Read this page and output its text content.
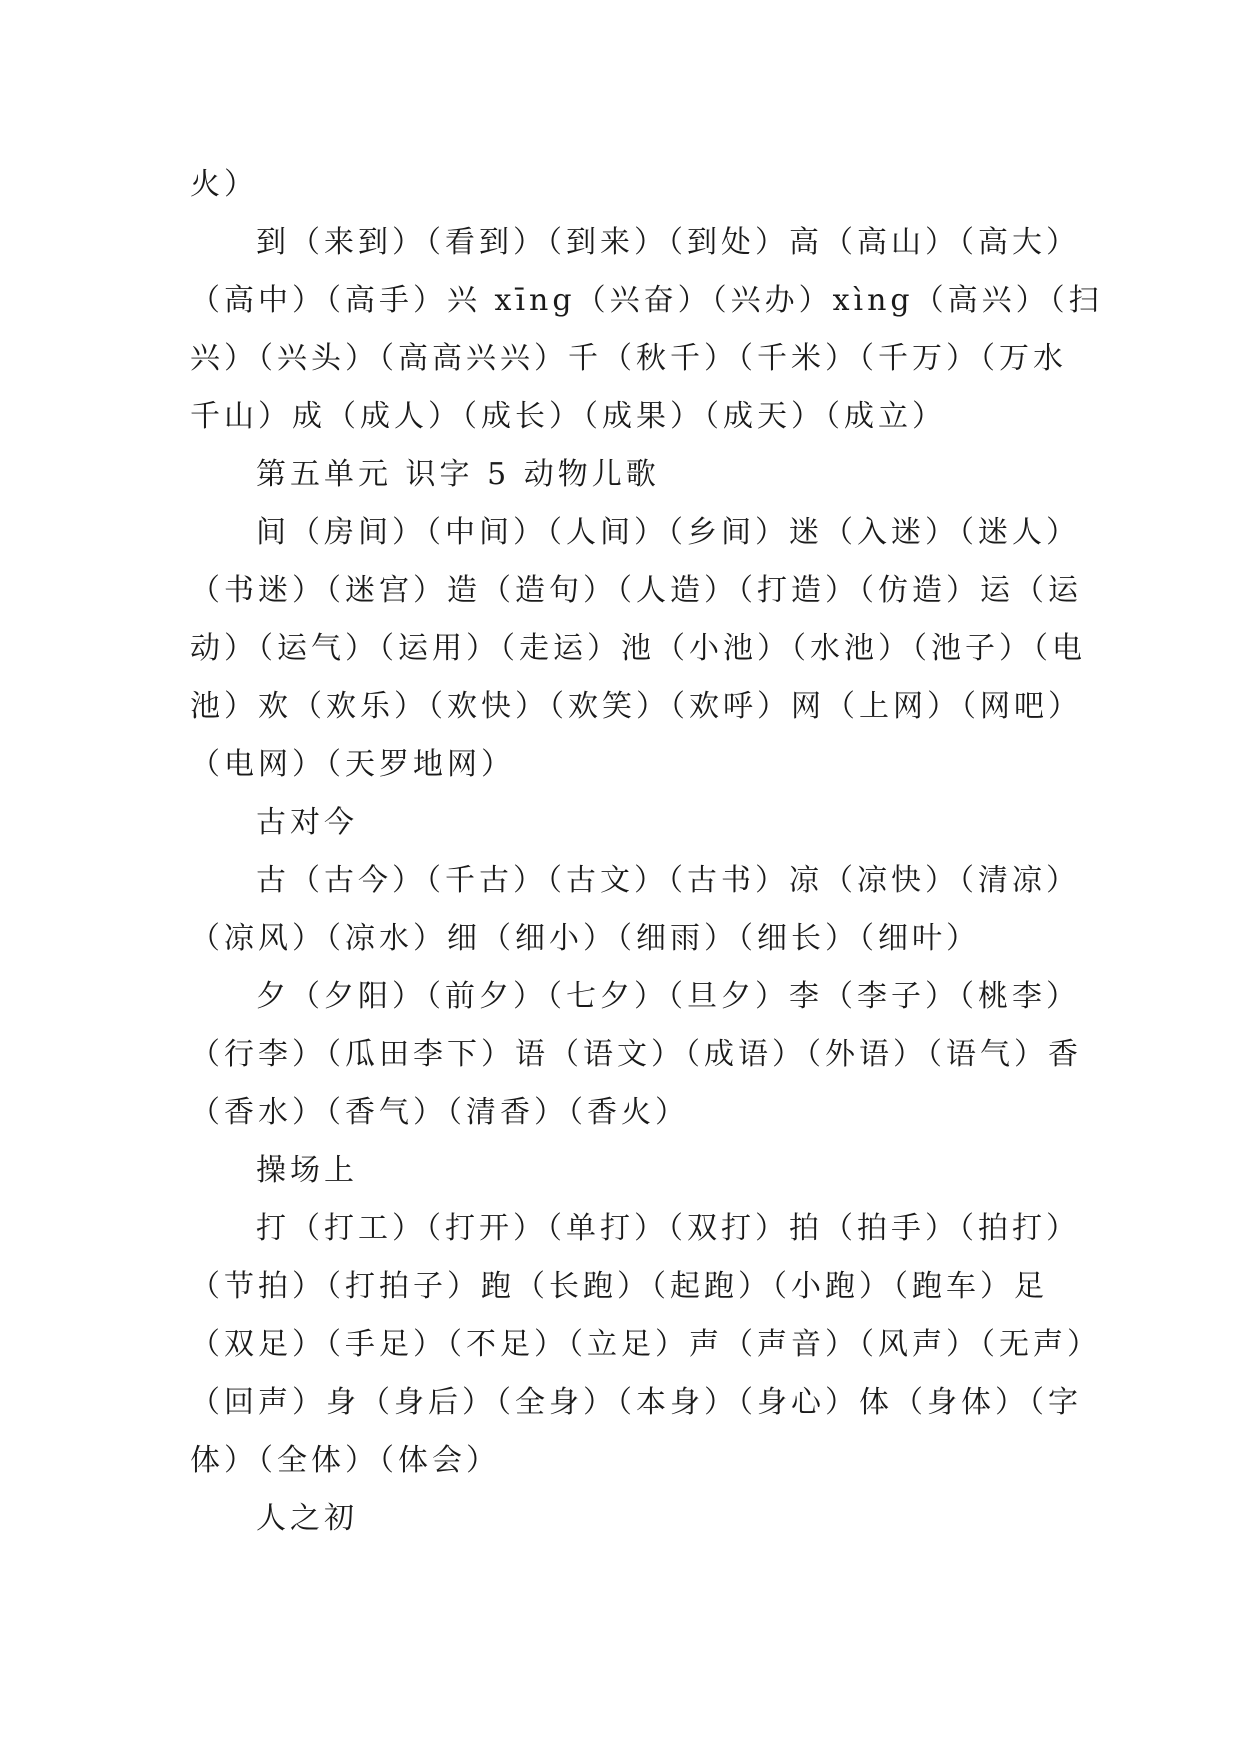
火）
到（来到）（看到）（到来）（到处）高（高山）（高大）
（高中）（高手）兴 xīng（兴奋）（兴办）xìng（高兴）（扫
兴）（兴头）（高高兴兴）千（秋千）（千米）（千万）（万水
千山）成（成人）（成长）（成果）（成天）（成立）
第五单元 识字 5 动物儿歌
间（房间）（中间）（人间）（乡间）迷（入迷）（迷人）
（书迷）（迷宫）造（造句）（人造）（打造）（仿造）运（运
动）（运气）（运用）（走运）池（小池）（水池）（池子）（电
池）欢（欢乐）（欢快）（欢笑）（欢呼）网（上网）（网吧）
（电网）（天罗地网）
古对今
古（古今）（千古）（古文）（古书）凉（凉快）（清凉）
（凉风）（凉水）细（细小）（细雨）（细长）（细叶）
夕（夕阳）（前夕）（七夕）（旦夕）李（李子）（桃李）
（行李）（瓜田李下）语（语文）（成语）（外语）（语气）香
（香水）（香气）（清香）（香火）
操场上
打（打工）（打开）（单打）（双打）拍（拍手）（拍打）
（节拍）（打拍子）跑（长跑）（起跑）（小跑）（跑车）足
（双足）（手足）（不足）（立足）声（声音）（风声）（无声）
（回声）身（身后）（全身）（本身）（身心）体（身体）（字
体）（全体）（体会）
人之初
